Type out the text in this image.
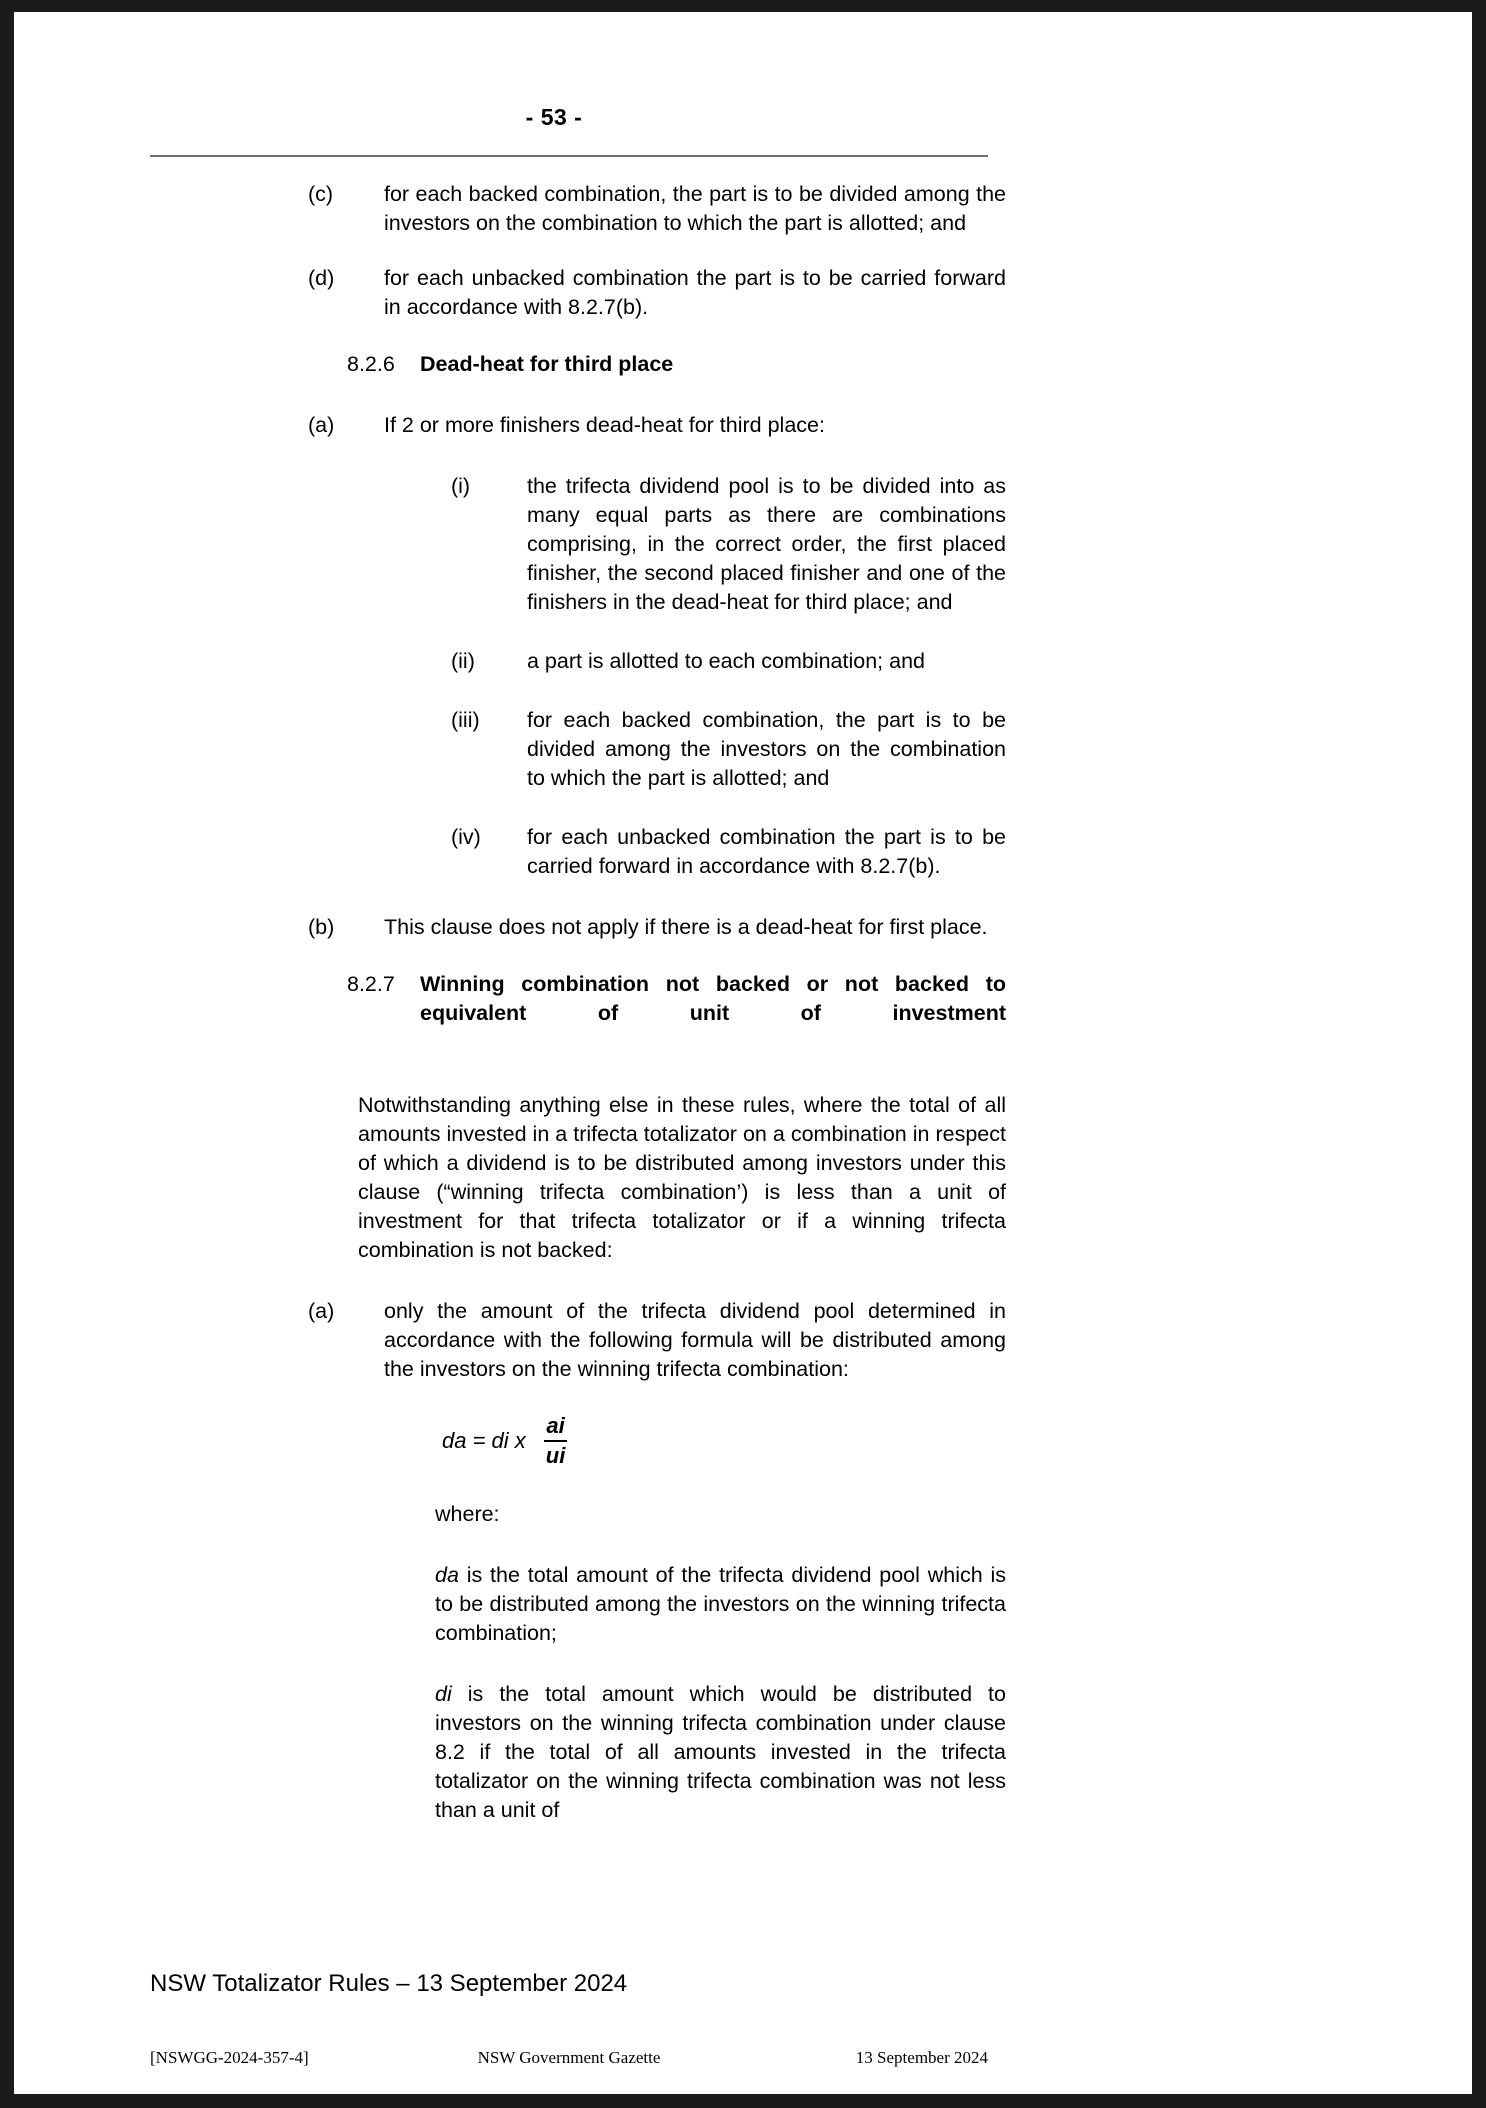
- 53 -
(c)	for each backed combination, the part is to be divided among the investors on the combination to which the part is allotted; and
(d)	for each unbacked combination the part is to be carried forward in accordance with 8.2.7(b).
8.2.6 Dead-heat for third place
(a)	If 2 or more finishers dead-heat for third place:
(i)	the trifecta dividend pool is to be divided into as many equal parts as there are combinations comprising, in the correct order, the first placed finisher, the second placed finisher and one of the finishers in the dead-heat for third place; and
(ii)	a part is allotted to each combination; and
(iii)	for each backed combination, the part is to be divided among the investors on the combination to which the part is allotted; and
(iv)	for each unbacked combination the part is to be carried forward in accordance with 8.2.7(b).
(b)	This clause does not apply if there is a dead-heat for first place.
8.2.7 Winning combination not backed or not backed to equivalent of unit of investment
Notwithstanding anything else in these rules, where the total of all amounts invested in a trifecta totalizator on a combination in respect of which a dividend is to be distributed among investors under this clause (“winning trifecta combination’) is less than a unit of investment for that trifecta totalizator or if a winning trifecta combination is not backed:
(a)	only the amount of the trifecta dividend pool determined in accordance with the following formula will be distributed among the investors on the winning trifecta combination:
da = di x $\frac{ai}{ui}$
where:
da is the total amount of the trifecta dividend pool which is to be distributed among the investors on the winning trifecta combination;
di is the total amount which would be distributed to investors on the winning trifecta combination under clause 8.2 if the total of all amounts invested in the trifecta totalizator on the winning trifecta combination was not less than a unit of
NSW Totalizator Rules – 13 September 2024
[NSWGG-2024-357-4]	NSW Government Gazette	13 September 2024
